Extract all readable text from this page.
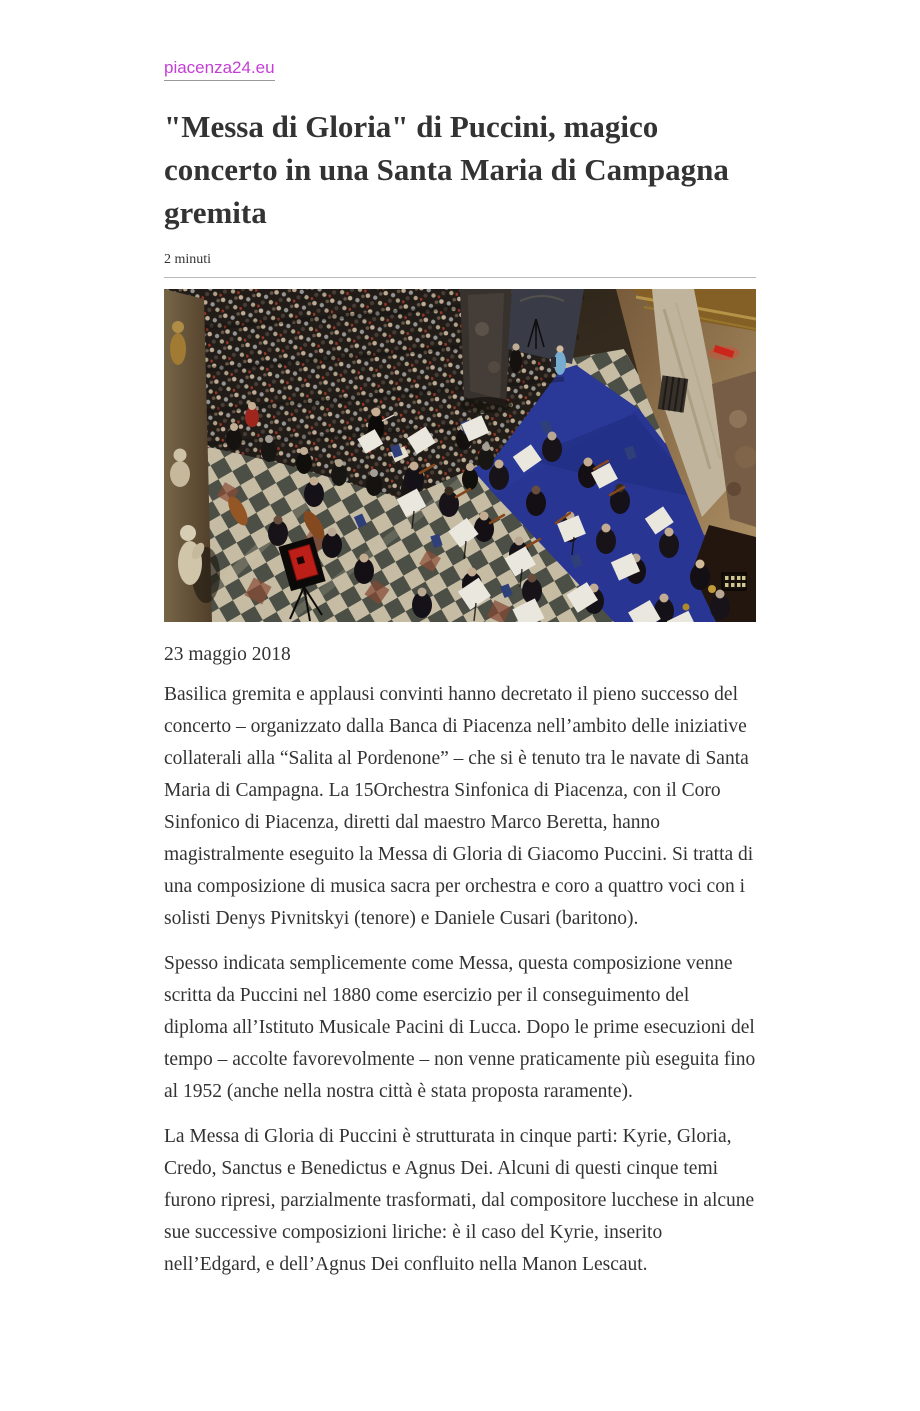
piacenza24.eu
"Messa di Gloria" di Puccini, magico concerto in una Santa Maria di Campagna gremita
2 minuti

23 maggio 2018

Basilica gremita e applausi convinti hanno decretato il pieno successo del concerto – organizzato dalla Banca di Piacenza nell’ambito delle iniziative collaterali alla “Salita al Pordenone” – che si è tenuto tra le navate di Santa Maria di Campagna. La 15Orchestra Sinfonica di Piacenza, con il Coro Sinfonico di Piacenza, diretti dal maestro Marco Beretta, hanno magistralmente eseguito la Messa di Gloria di Giacomo Puccini. Si tratta di una composizione di musica sacra per orchestra e coro a quattro voci con i solisti Denys Pivnitskyi (tenore) e Daniele Cusari (baritono).

Spesso indicata semplicemente come Messa, questa composizione venne scritta da Puccini nel 1880 come esercizio per il conseguimento del diploma all’Istituto Musicale Pacini di Lucca. Dopo le prime esecuzioni del tempo – accolte favorevolmente – non venne praticamente più eseguita fino al 1952 (anche nella nostra città è stata proposta raramente).

La Messa di Gloria di Puccini è strutturata in cinque parti: Kyrie, Gloria, Credo, Sanctus e Benedictus e Agnus Dei. Alcuni di questi cinque temi furono ripresi, parzialmente trasformati, dal compositore lucchese in alcune sue successive composizioni liriche: è il caso del Kyrie, inserito nell’Edgard, e dell’Agnus Dei confluito nella Manon Lescaut.
